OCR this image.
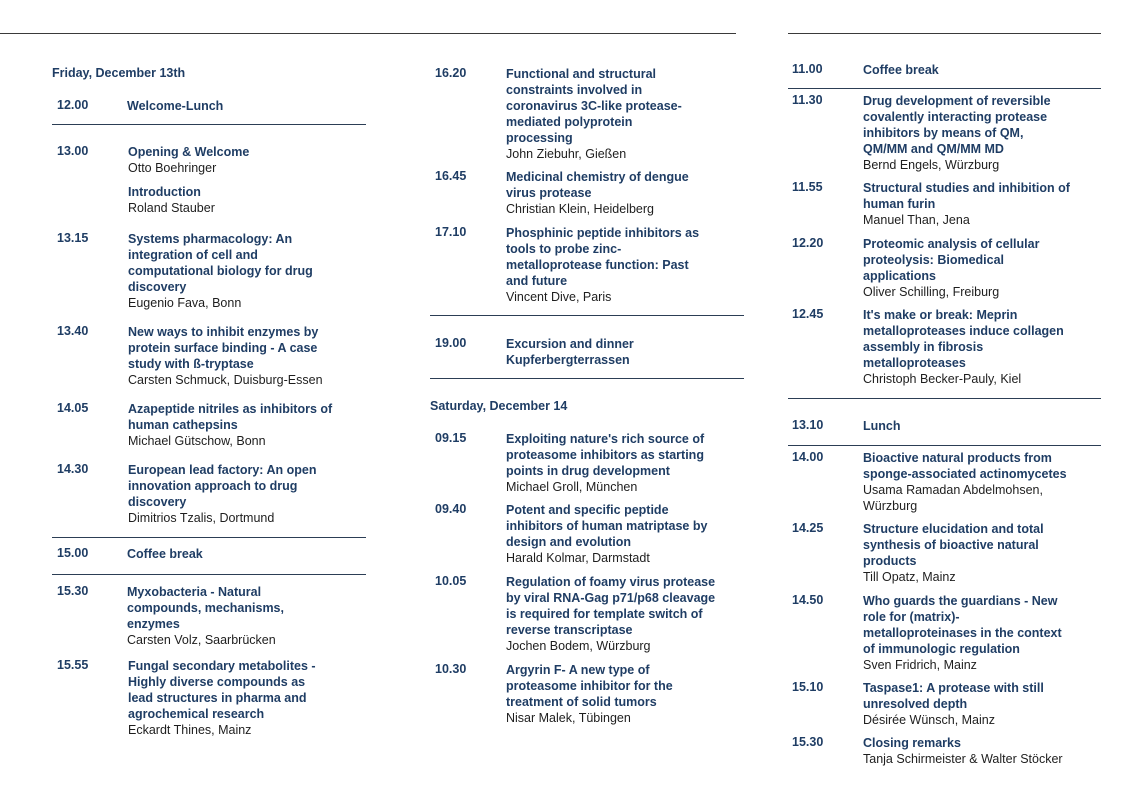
Friday, December 13th
12.00	Welcome-Lunch
13.00	Opening & Welcome
Otto Boehringer
Introduction
Roland Stauber
13.15	Systems pharmacology: An integration of cell and computational biology for drug discovery
Eugenio Fava, Bonn
13.40	New ways to inhibit enzymes by protein surface binding - A case study with ß-tryptase
Carsten Schmuck, Duisburg-Essen
14.05	Azapeptide nitriles as inhibitors of human cathepsins
Michael Gütschow, Bonn
14.30	European lead factory: An open innovation approach to drug discovery
Dimitrios Tzalis, Dortmund
15.00	Coffee break
15.30	Myxobacteria - Natural compounds, mechanisms, enzymes
Carsten Volz, Saarbrücken
15.55	Fungal secondary metabolites - Highly diverse compounds as lead structures in pharma and agrochemical research
Eckardt Thines, Mainz
16.20	Functional and structural constraints involved in coronavirus 3C-like protease-mediated polyprotein processing
John Ziebuhr, Gießen
16.45	Medicinal chemistry of dengue virus protease
Christian Klein, Heidelberg
17.10	Phosphinic peptide inhibitors as tools to probe zinc-metalloprotease function: Past and future
Vincent Dive, Paris
19.00	Excursion and dinner Kupferbergterrassen
Saturday, December 14
09.15	Exploiting nature's rich source of proteasome inhibitors as starting points in drug development
Michael Groll, München
09.40	Potent and specific peptide inhibitors of human matriptase by design and evolution
Harald Kolmar, Darmstadt
10.05	Regulation of foamy virus protease by viral RNA-Gag p71/p68 cleavage is required for template switch of reverse transcriptase
Jochen Bodem, Würzburg
10.30	Argyrin F- A new type of proteasome inhibitor for the treatment of solid tumors
Nisar Malek, Tübingen
11.00	Coffee break
11.30	Drug development of reversible covalently interacting protease inhibitors by means of QM, QM/MM and QM/MM MD
Bernd Engels, Würzburg
11.55	Structural studies and inhibition of human furin
Manuel Than, Jena
12.20	Proteomic analysis of cellular proteolysis: Biomedical applications
Oliver Schilling, Freiburg
12.45	It's make or break: Meprin metalloproteases induce collagen assembly in fibrosis metalloproteases
Christoph Becker-Pauly, Kiel
13.10	Lunch
14.00	Bioactive natural products from sponge-associated actinomycetes
Usama Ramadan Abdelmohsen, Würzburg
14.25	Structure elucidation and total synthesis of bioactive natural products
Till Opatz, Mainz
14.50	Who guards the guardians - New role for (matrix)-metalloproteinases in the context of immunologic regulation
Sven Fridrich, Mainz
15.10	Taspase1: A protease with still unresolved depth
Désirée Wünsch, Mainz
15.30	Closing remarks
Tanja Schirmeister & Walter Stöcker
